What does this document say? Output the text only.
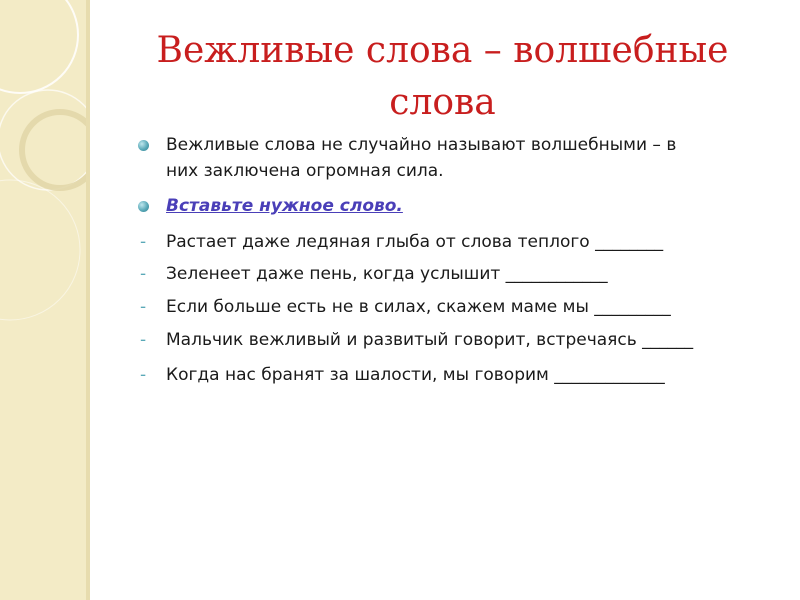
Вежливые слова – волшебные
слова
Вежливые слова не случайно называют волшебными – в
них заключена огромная сила.
Вставьте нужное слово.
- Растает даже ледяная глыба от слова теплого ________
- Зеленеет даже пень, когда услышит ____________
- Если больше есть не в силах, скажем маме мы _________
- Мальчик вежливый и развитый говорит, встречаясь ______
- Когда нас бранят за шалости, мы говорим _____________
